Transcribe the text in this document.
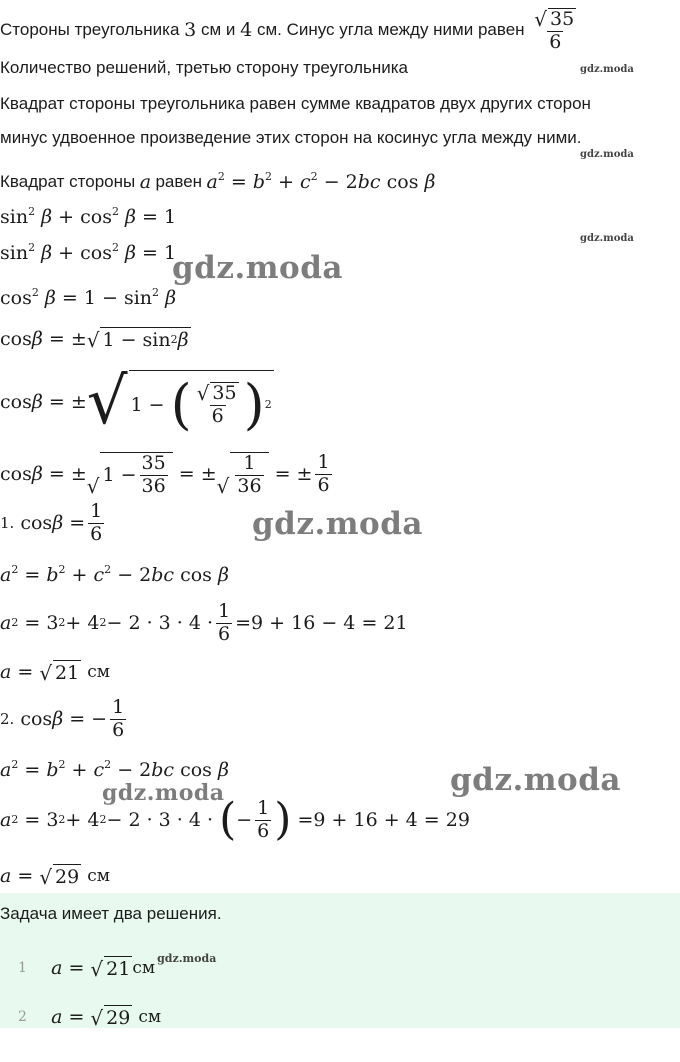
Стороны треугольника
3
см
и
4
см. Синус угла между ними равен
$\frac{√ 35}{6}$
Количество решений, третью сторону треугольника	gdz.moda
Квадрат стороны треугольника равен сумме квадратов двух других сторон
минус удвоенное произведение этих сторон на косинус угла между ними.
gdz.moda
Квадрат стороны
a
равен
$a^2 = b^2 + c^2 - 2bc$ cos β
$\sin^2 \beta + \cos^2 \beta = 1$
$\sin^2 \beta + \cos^2 \beta = 1$
gdz.moda
gdz.moda
$\cos^2 \beta = 1 - \sin^2 \beta$
cos β = ± √ 1 − sin 2 β
cos β = ± √ 1 − ( $\frac{√ 35}{6}$ ) 2
cos β = ± √ $1 - \frac{35}{36}$ = ± √ $\frac{1}{36}$ = ± $\frac{1}{6}$
1. $\cos \beta = \frac{1}{6}$	gdz.moda
$a^2 = b^2 + c^2 - 2bc$ cos β
a 2 = 3 2 + 4 $2 - 2 \cdot 3 \cdot 4 \cdot \frac{1}{6} = 9 + 16 - 4 = 21$
a = √ 21
см
2. cos β = − $\frac{1}{6}$
$a^2 = b^2 + c^2 - 2bc$ cos β	gdz.moda
gdz.moda
a 2 = 3 2 + 4 2 − 2 · 3 · 4 · ( − $\frac{1}{6}$ ) = 9 + 16 + 4 = 29
a = √ 29
см
Задача имеет два решения.
1
a = √ 21 см gdz.moda
2
a = √ 29
см
